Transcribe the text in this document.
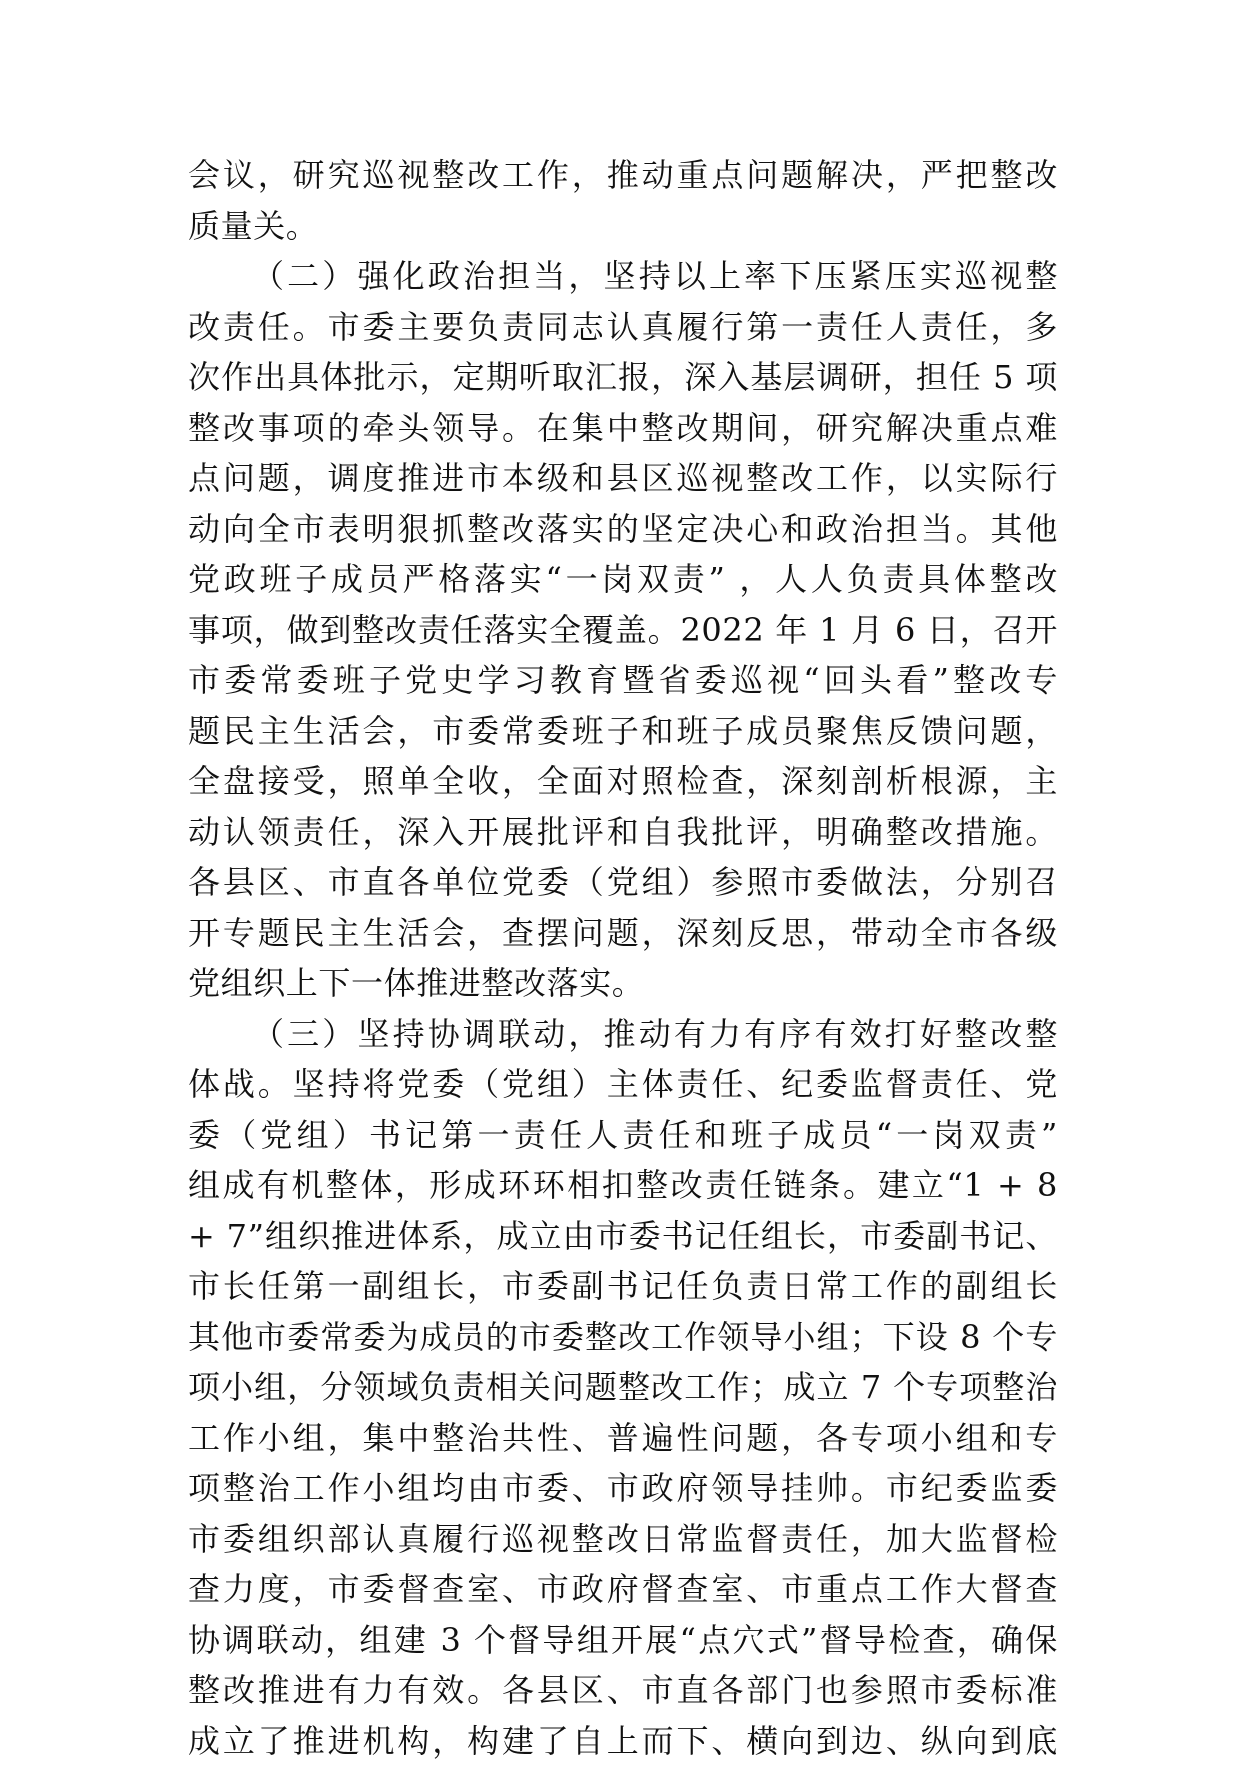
会议，研究巡视整改工作，推动重点问题解决，严把整改
质量关。
（二）强化政治担当，坚持以上率下压紧压实巡视整
改责任。市委主要负责同志认真履行第一责任人责任，多
次作出具体批示，定期听取汇报，深入基层调研，担任 5 项
整改事项的牵头领导。在集中整改期间，研究解决重点难
点问题，调度推进市本级和县区巡视整改工作，以实际行
动向全市表明狠抓整改落实的坚定决心和政治担当。其他
党政班子成员严格落实“一岗双责” ，人人负责具体整改
事项，做到整改责任落实全覆盖。2022 年 1 月 6 日，召开
市委常委班子党史学习教育暨省委巡视“回头看”整改专
题民主生活会，市委常委班子和班子成员聚焦反馈问题，
全盘接受，照单全收，全面对照检查，深刻剖析根源，主
动认领责任，深入开展批评和自我批评，明确整改措施。
各县区、市直各单位党委（党组）参照市委做法，分别召
开专题民主生活会，查摆问题，深刻反思，带动全市各级
党组织上下一体推进整改落实。
（三）坚持协调联动，推动有力有序有效打好整改整
体战。坚持将党委（党组）主体责任、纪委监督责任、党
委（党组）书记第一责任人责任和班子成员“一岗双责”
组成有机整体，形成环环相扣整改责任链条。建立“1 + 8
+ 7”组织推进体系，成立由市委书记任组长，市委副书记、
市长任第一副组长，市委副书记任负责日常工作的副组长
其他市委常委为成员的市委整改工作领导小组；下设 8 个专
项小组，分领域负责相关问题整改工作；成立 7 个专项整治
工作小组，集中整治共性、普遍性问题，各专项小组和专
项整治工作小组均由市委、市政府领导挂帅。市纪委监委
市委组织部认真履行巡视整改日常监督责任，加大监督检
查力度，市委督查室、市政府督查室、市重点工作大督查
协调联动，组建 3 个督导组开展“点穴式”督导检查，确保
整改推进有力有效。各县区、市直各部门也参照市委标准
成立了推进机构，构建了自上而下、横向到边、纵向到底
